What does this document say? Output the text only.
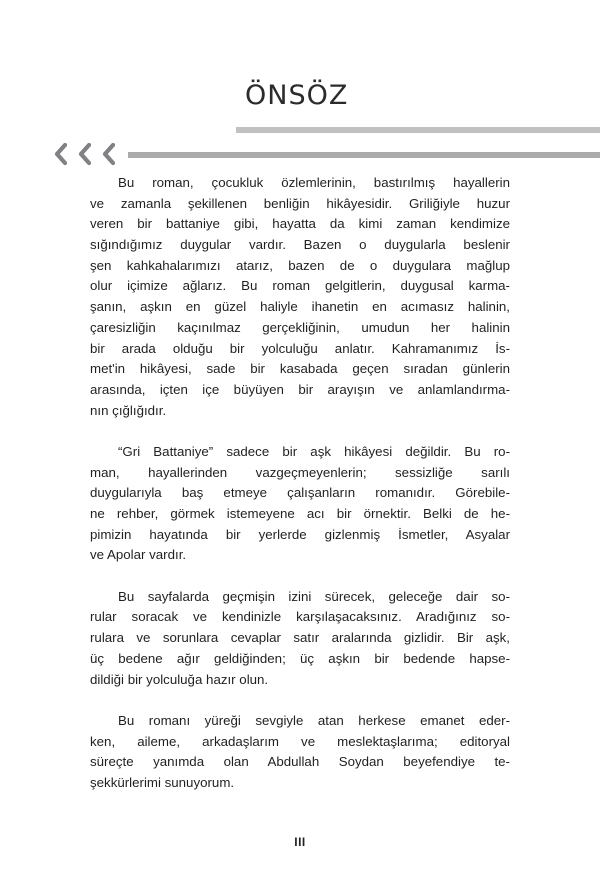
ÖNSÖZ

Bu roman, çocukluk özlemlerinin, bastırılmış hayallerin
ve zamanla şekillenen benliğin hikâyesidir. Griliğiyle huzur
veren bir battaniye gibi, hayatta da kimi zaman kendimize
sığındığımız duygular vardır. Bazen o duygularla beslenir
şen kahkahalarımızı atarız, bazen de o duygulara mağlup
olur içimize ağlarız. Bu roman gelgitlerin, duygusal karma-
şanın, aşkın en güzel haliyle ihanetin en acımasız halinin,
çaresizliğin kaçınılmaz gerçekliğinin, umudun her halinin
bir arada olduğu bir yolculuğu anlatır. Kahramanımız İs-
met'in hikâyesi, sade bir kasabada geçen sıradan günlerin
arasında, içten içe büyüyen bir arayışın ve anlamlandırma-
nın çığlığıdır.

“Gri Battaniye” sadece bir aşk hikâyesi değildir. Bu ro-
man, hayallerinden vazgeçmeyenlerin; sessizliğe sarılı
duygularıyla baş etmeye çalışanların romanıdır. Görebile-
ne rehber, görmek istemeyene acı bir örnektir. Belki de he-
pimizin hayatında bir yerlerde gizlenmiş İsmetler, Asyalar
ve Apolar vardır.

Bu sayfalarda geçmişin izini sürecek, geleceğe dair so-
rular soracak ve kendinizle karşılaşacaksınız. Aradığınız so-
rulara ve sorunlara cevaplar satır aralarında gizlidir. Bir aşk,
üç bedene ağır geldiğinden; üç aşkın bir bedende hapse-
dildiği bir yolculuğa hazır olun.

Bu romanı yüreği sevgiyle atan herkese emanet eder-
ken, aileme, arkadaşlarım ve meslektaşlarıma; editoryal
süreçte yanımda olan Abdullah Soydan beyefendiye te-
şekkürlerimi sunuyorum.

III
